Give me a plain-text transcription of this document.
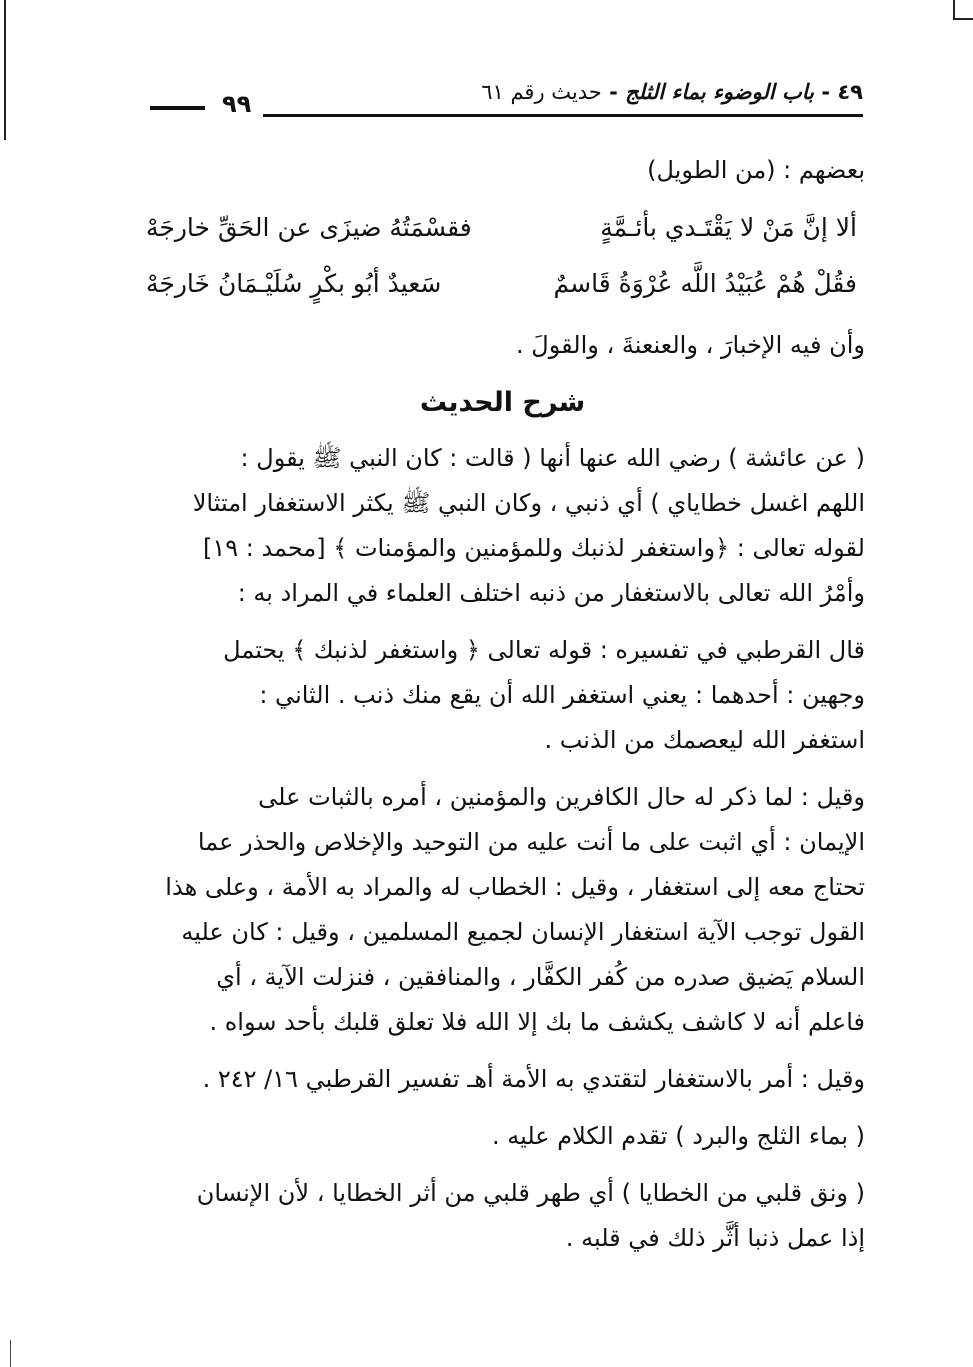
٤٩ - باب الوضوء بماء الثلج - حديث رقم ٦١
٩٩
بعضهم : (من الطويل)
ألا إنَّ مَنْ لا يَقْتَـدي بأئـمَّةٍ
فقسْمَتُهُ ضيزَى عن الحَقِّ خارجَهْ
فقُلْ هُمْ عُبَيْدُ اللَّه عُرْوَةُ قَاسمٌ
سَعيدٌ أبُو بكْرٍ سُلَيْـمَانُ خَارجَهْ
وأن فيه الإخبارَ ، والعنعنةَ ، والقولَ .
شرح الحديث
( عن عائشة ) رضي الله عنها أنها ( قالت : كان النبي ﷺ يقول :
اللهم اغسل خطاياي ) أي ذنبي ، وكان النبي ﷺ يكثر الاستغفار امتثالا
لقوله تعالى : ﴿واستغفر لذنبك وللمؤمنين والمؤمنات ﴾ [محمد : ١٩]
وأمْرُ الله تعالى بالاستغفار من ذنبه اختلف العلماء في المراد به :
قال القرطبي في تفسيره : قوله تعالى ﴿ واستغفر لذنبك ﴾ يحتمل
وجهين : أحدهما : يعني استغفر الله أن يقع منك ذنب . الثاني :
استغفر الله ليعصمك من الذنب .
وقيل : لما ذكر له حال الكافرين والمؤمنين ، أمره بالثبات على
الإيمان : أي اثبت على ما أنت عليه من التوحيد والإخلاص والحذر عما
تحتاج معه إلى استغفار ، وقيل : الخطاب له والمراد به الأمة ، وعلى هذا
القول توجب الآية استغفار الإنسان لجميع المسلمين ، وقيل : كان عليه
السلام يَضيق صدره من كُفر الكفَّار ، والمنافقين ، فنزلت الآية ، أي
فاعلم أنه لا كاشف يكشف ما بك إلا الله فلا تعلق قلبك بأحد سواه .
وقيل : أمر بالاستغفار لتقتدي به الأمة أهـ تفسير القرطبي ١٦/ ٢٤٢ .
( بماء الثلج والبرد ) تقدم الكلام عليه .
( ونق قلبي من الخطايا ) أي طهر قلبي من أثر الخطايا ، لأن الإنسان
إذا عمل ذنبا أثَّر ذلك في قلبه .
